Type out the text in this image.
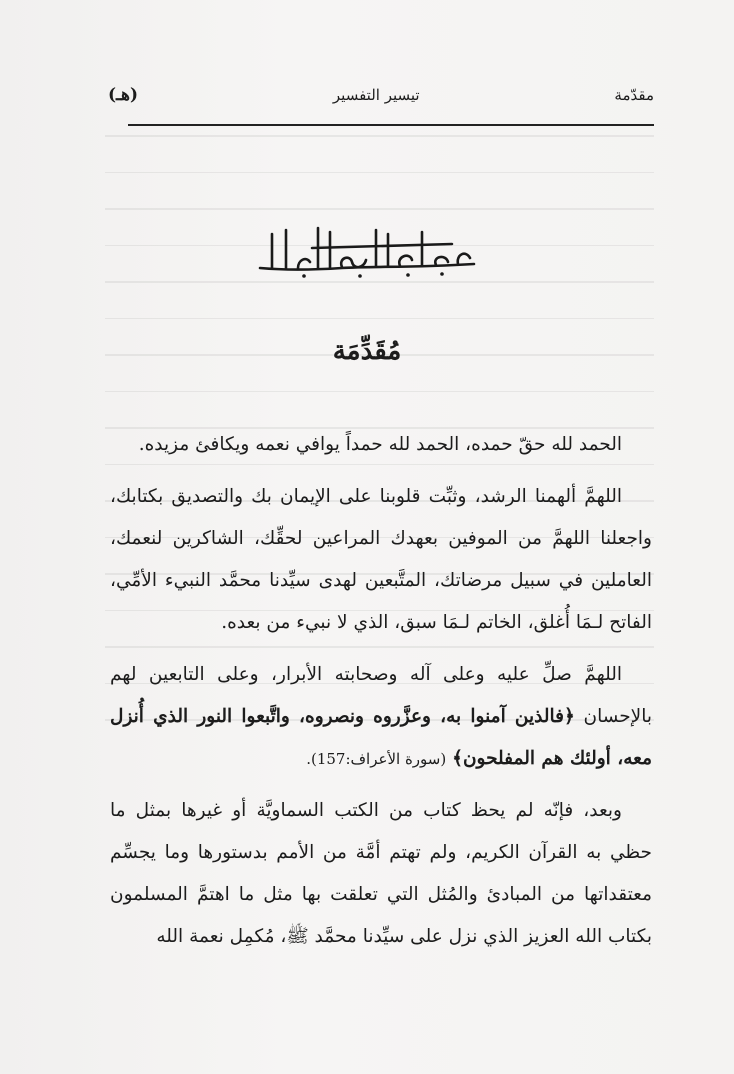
مقدّمة
تيسير التفسير
(هـ)
مُقَدِّمَة

الحمد لله حقّ حمده، الحمد لله حمداً يوافي نعمه ويكافئ مزيده.

اللهمَّ ألهمنا الرشد، وثبِّت قلوبنا على الإيمان بك والتصديق بكتابك، واجعلنا اللهمَّ من الموفين بعهدك المراعين لحقِّك، الشاكرين لنعمك، العاملين في سبيل مرضاتك، المتَّبعين لهدى سيِّدنا محمَّد النبيء الأمِّي، الفاتح لـمَا أُغلق، الخاتم لـمَا سبق، الذي لا نبيء من بعده.

اللهمَّ صلِّ عليه وعلى آله وصحابته الأبرار، وعلى التابعين لهم بالإحسان ﴿فالذين آمنوا به، وعزَّروه ونصروه، واتَّبعوا النور الذي أُنزل معه، أولئك هم المفلحون﴾ (سورة الأعراف:157).

وبعد، فإنّه لم يحظ كتاب من الكتب السماويَّة أو غيرها بمثل ما حظي به القرآن الكريم، ولم تهتم أمَّة من الأمم بدستورها وما يجسِّم معتقداتها من المبادئ والمُثل التي تعلقت بها مثل ما اهتمَّ المسلمون بكتاب الله العزيز الذي نزل على سيِّدنا محمَّد ﷺ، مُكمِل نعمة الله
